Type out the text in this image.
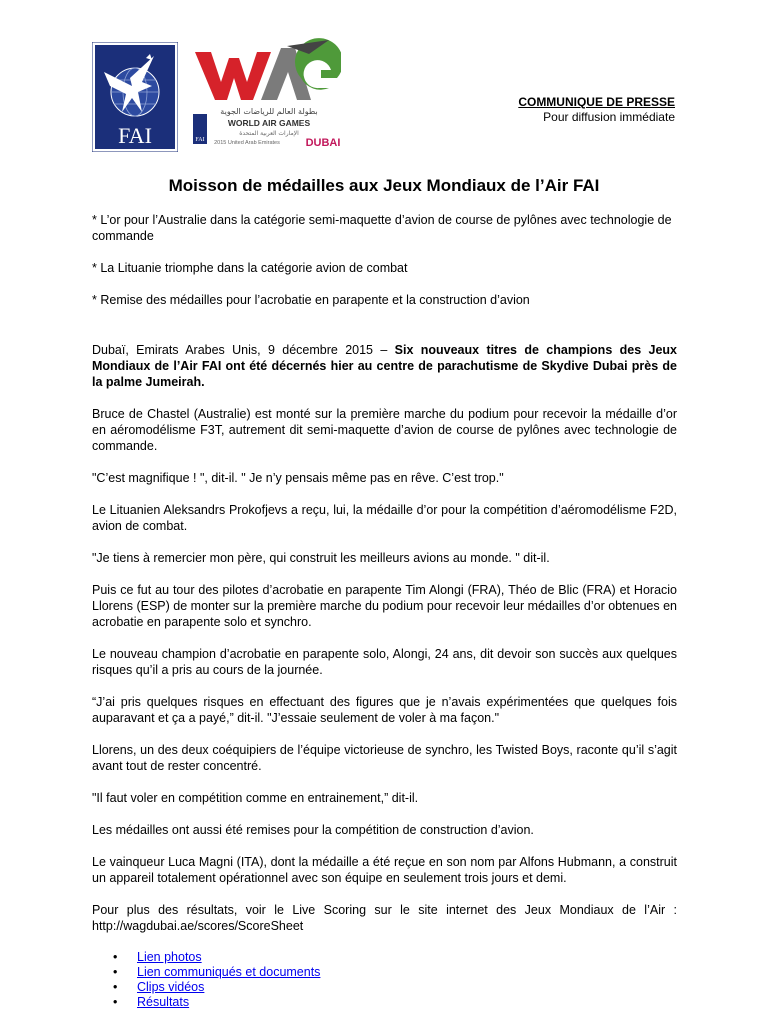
FAI
بطولة العالم للرياضات الجوية
WORLD AIR GAMES
الإمارات العربية المتحدة
2015 United Arab Emirates DUBAI
FAI
COMMUNIQUE DE PRESSE
Pour diffusion immédiate
Moisson de médailles aux Jeux Mondiaux de l’Air FAI

* L’or pour l’Australie dans la catégorie semi-maquette d’avion de course de pylônes avec technologie de commande

* La Lituanie triomphe dans la catégorie avion de combat

* Remise des médailles pour l’acrobatie en parapente et la construction d’avion

Dubaï, Emirats Arabes Unis, 9 décembre 2015 – Six nouveaux titres de champions des Jeux Mondiaux de l’Air FAI ont été décernés hier au centre de parachutisme de Skydive Dubai près de la palme Jumeirah.

Bruce de Chastel (Australie) est monté sur la première marche du podium pour recevoir la médaille d’or en aéromodélisme F3T, autrement dit semi-maquette d’avion de course de pylônes avec technologie de commande.

"C’est magnifique ! ", dit-il. " Je n’y pensais même pas en rêve. C’est trop."

Le Lituanien Aleksandrs Prokofjevs a reçu, lui, la médaille d’or pour la compétition d’aéromodélisme F2D, avion de combat.

"Je tiens à remercier mon père, qui construit les meilleurs avions au monde. " dit-il.

Puis ce fut au tour des pilotes d’acrobatie en parapente Tim Alongi (FRA), Théo de Blic (FRA) et Horacio Llorens (ESP) de monter sur la première marche du podium pour recevoir leur médailles d’or obtenues en acrobatie en parapente solo et synchro.

Le nouveau champion d’acrobatie en parapente solo, Alongi, 24 ans, dit devoir son succès aux quelques risques qu’il a pris au cours de la journée.

“J’ai pris quelques risques en effectuant des figures que je n’avais expérimentées que quelques fois auparavant et ça a payé,” dit-il. "J’essaie seulement de voler à ma façon."

Llorens, un des deux coéquipiers de l’équipe victorieuse de synchro, les Twisted Boys, raconte qu’il s’agit avant tout de rester concentré.

"Il faut voler en compétition comme en entrainement,” dit-il.

Les médailles ont aussi été remises pour la compétition de construction d’avion.

Le vainqueur Luca Magni (ITA), dont la médaille a été reçue en son nom par Alfons Hubmann, a construit un appareil totalement opérationnel avec son équipe en seulement trois jours et demi.

Pour plus des résultats, voir le Live Scoring sur le site internet des Jeux Mondiaux de l’Air : http://wagdubai.ae/scores/ScoreSheet

• Lien photos
• Lien communiqués et documents
• Clips vidéos
• Résultats
